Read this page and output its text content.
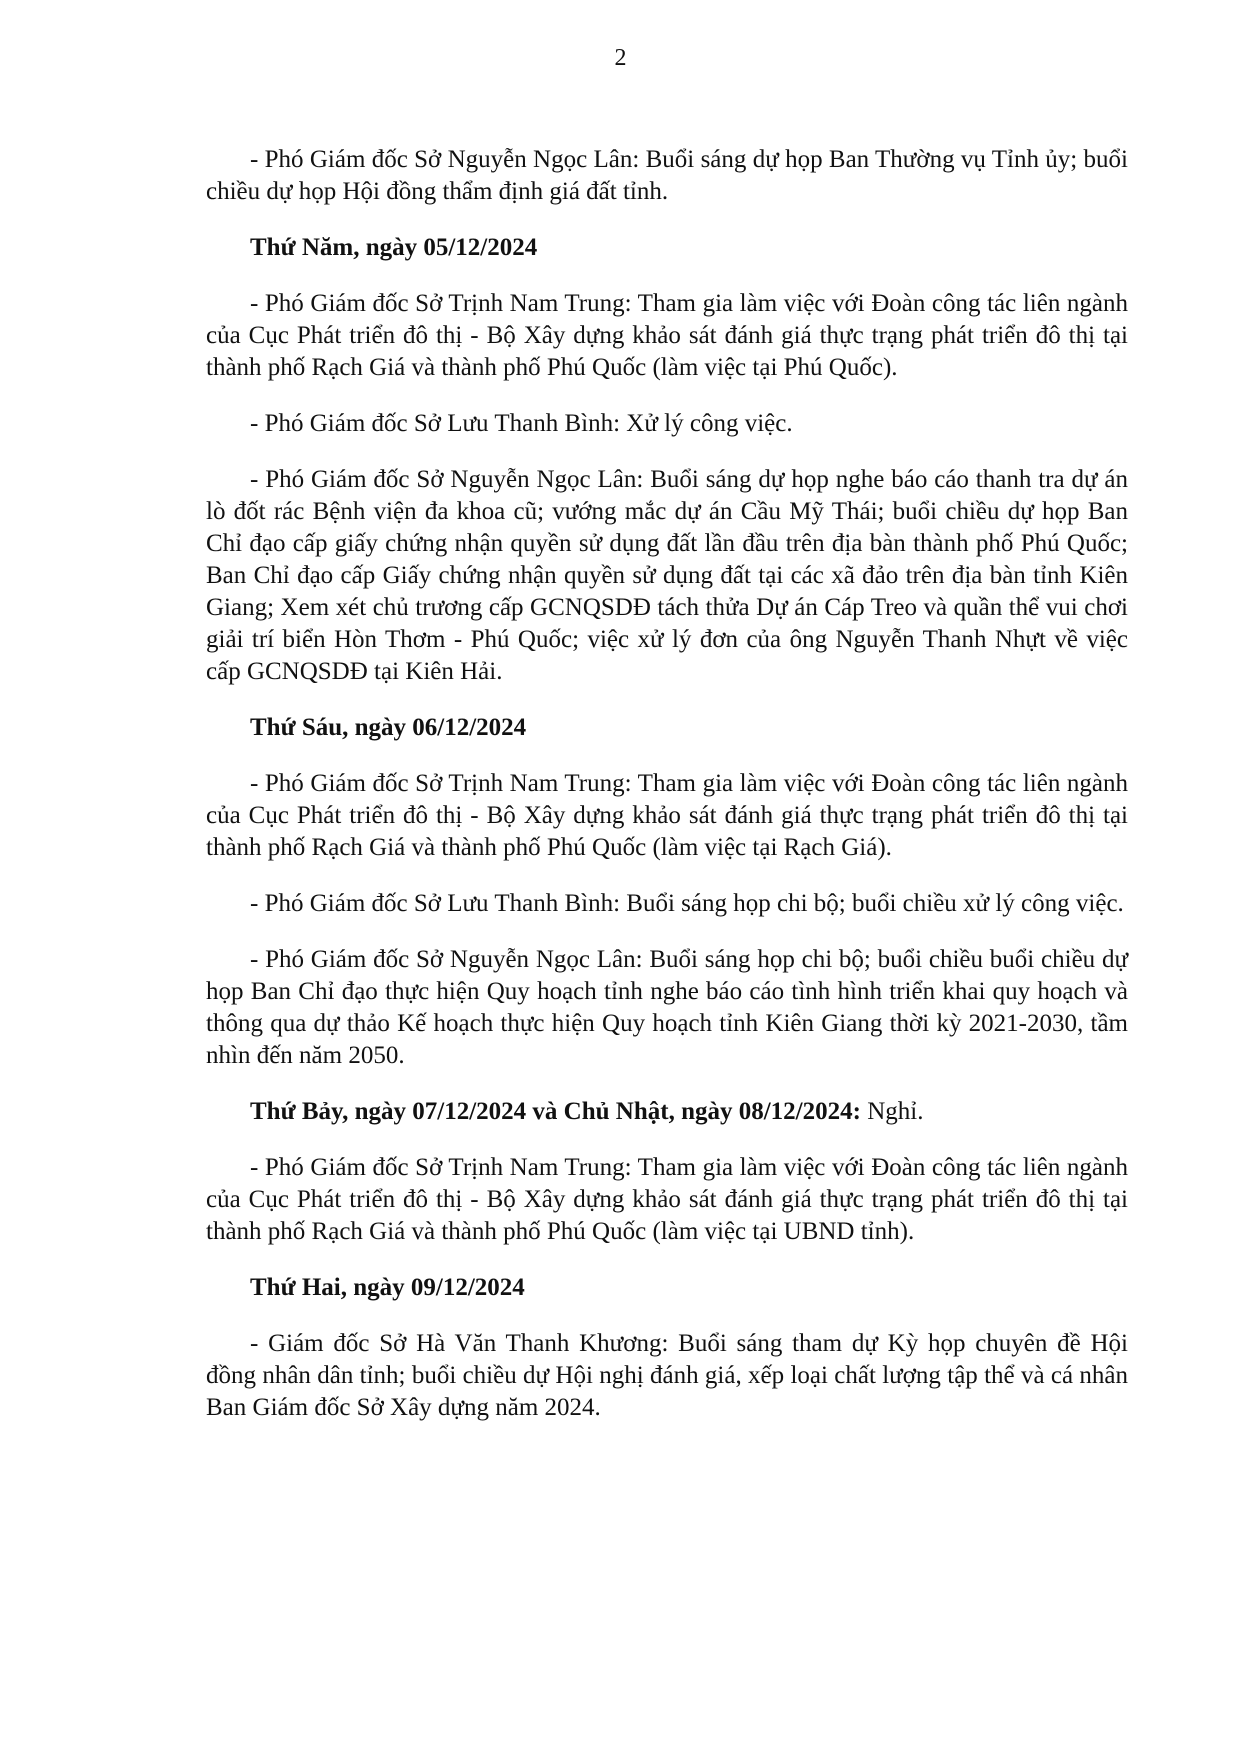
2

- Phó Giám đốc Sở Nguyễn Ngọc Lân: Buổi sáng dự họp Ban Thường vụ Tỉnh ủy; buổi chiều dự họp Hội đồng thẩm định giá đất tỉnh.

Thứ Năm, ngày 05/12/2024

- Phó Giám đốc Sở Trịnh Nam Trung: Tham gia làm việc với Đoàn công tác liên ngành của Cục Phát triển đô thị - Bộ Xây dựng khảo sát đánh giá thực trạng phát triển đô thị tại thành phố Rạch Giá và thành phố Phú Quốc (làm việc tại Phú Quốc).

- Phó Giám đốc Sở Lưu Thanh Bình: Xử lý công việc.

- Phó Giám đốc Sở Nguyễn Ngọc Lân: Buổi sáng dự họp nghe báo cáo thanh tra dự án lò đốt rác Bệnh viện đa khoa cũ; vướng mắc dự án Cầu Mỹ Thái; buổi chiều dự họp Ban Chỉ đạo cấp giấy chứng nhận quyền sử dụng đất lần đầu trên địa bàn thành phố Phú Quốc; Ban Chỉ đạo cấp Giấy chứng nhận quyền sử dụng đất tại các xã đảo trên địa bàn tỉnh Kiên Giang; Xem xét chủ trương cấp GCNQSDĐ tách thửa Dự án Cáp Treo và quần thể vui chơi giải trí biển Hòn Thơm - Phú Quốc; việc xử lý đơn của ông Nguyễn Thanh Nhựt về việc cấp GCNQSDĐ tại Kiên Hải.

Thứ Sáu, ngày 06/12/2024

- Phó Giám đốc Sở Trịnh Nam Trung: Tham gia làm việc với Đoàn công tác liên ngành của Cục Phát triển đô thị - Bộ Xây dựng khảo sát đánh giá thực trạng phát triển đô thị tại thành phố Rạch Giá và thành phố Phú Quốc (làm việc tại Rạch Giá).

- Phó Giám đốc Sở Lưu Thanh Bình: Buổi sáng họp chi bộ; buổi chiều xử lý công việc.

- Phó Giám đốc Sở Nguyễn Ngọc Lân: Buổi sáng họp chi bộ; buổi chiều buổi chiều dự họp Ban Chỉ đạo thực hiện Quy hoạch tỉnh nghe báo cáo tình hình triển khai quy hoạch và thông qua dự thảo Kế hoạch thực hiện Quy hoạch tỉnh Kiên Giang thời kỳ 2021-2030, tầm nhìn đến năm 2050.

Thứ Bảy, ngày 07/12/2024 và Chủ Nhật, ngày 08/12/2024: Nghỉ.

- Phó Giám đốc Sở Trịnh Nam Trung: Tham gia làm việc với Đoàn công tác liên ngành của Cục Phát triển đô thị - Bộ Xây dựng khảo sát đánh giá thực trạng phát triển đô thị tại thành phố Rạch Giá và thành phố Phú Quốc (làm việc tại UBND tỉnh).

Thứ Hai, ngày 09/12/2024

- Giám đốc Sở Hà Văn Thanh Khương: Buổi sáng tham dự Kỳ họp chuyên đề Hội đồng nhân dân tỉnh; buổi chiều dự Hội nghị đánh giá, xếp loại chất lượng tập thể và cá nhân Ban Giám đốc Sở Xây dựng năm 2024.
